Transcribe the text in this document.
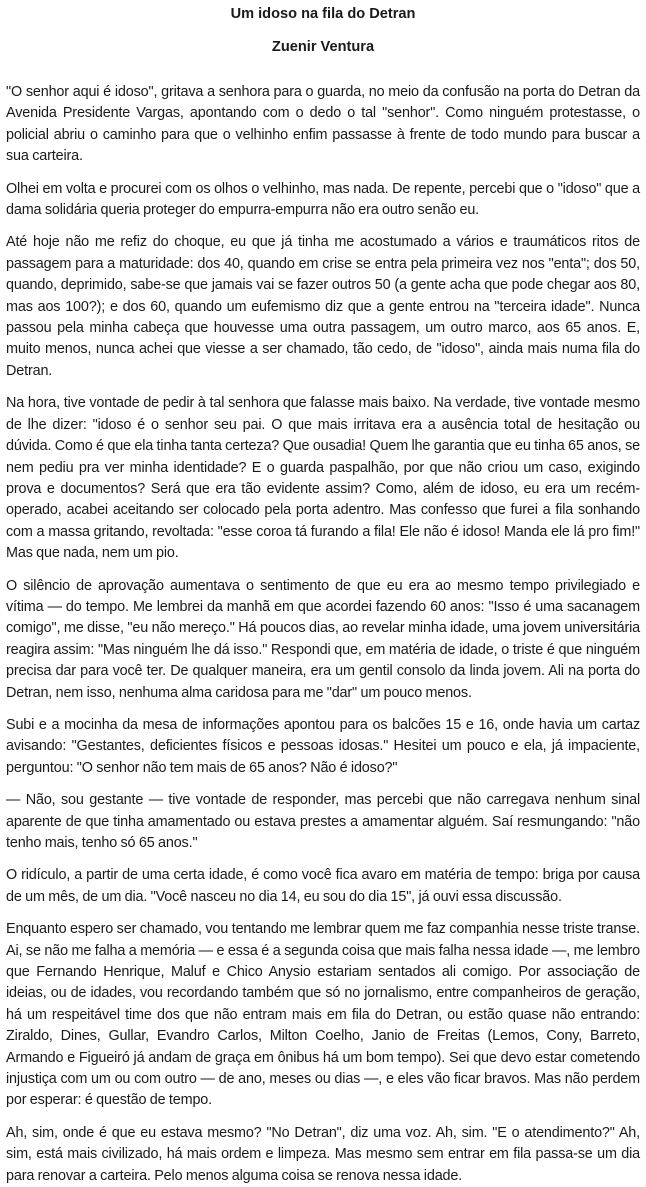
Um idoso na fila do Detran
Zuenir Ventura

"O senhor aqui é idoso", gritava a senhora para o guarda, no meio da confusão na porta do Detran da Avenida Presidente Vargas, apontando com o dedo o tal "senhor". Como ninguém protestasse, o policial abriu o caminho para que o velhinho enfim passasse à frente de todo mundo para buscar a sua carteira.

Olhei em volta e procurei com os olhos o velhinho, mas nada. De repente, percebi que o "idoso" que a dama solidária queria proteger do empurra-empurra não era outro senão eu.

Até hoje não me refiz do choque, eu que já tinha me acostumado a vários e traumáticos ritos de passagem para a maturidade: dos 40, quando em crise se entra pela primeira vez nos "enta"; dos 50, quando, deprimido, sabe-se que jamais vai se fazer outros 50 (a gente acha que pode chegar aos 80, mas aos 100?); e dos 60, quando um eufemismo diz que a gente entrou na "terceira idade". Nunca passou pela minha cabeça que houvesse uma outra passagem, um outro marco, aos 65 anos. E, muito menos, nunca achei que viesse a ser chamado, tão cedo, de "idoso", ainda mais numa fila do Detran.

Na hora, tive vontade de pedir à tal senhora que falasse mais baixo. Na verdade, tive vontade mesmo de lhe dizer: "idoso é o senhor seu pai. O que mais irritava era a ausência total de hesitação ou dúvida. Como é que ela tinha tanta certeza? Que ousadia! Quem lhe garantia que eu tinha 65 anos, se nem pediu pra ver minha identidade? E o guarda paspalhão, por que não criou um caso, exigindo prova e documentos? Será que era tão evidente assim? Como, além de idoso, eu era um recém-operado, acabei aceitando ser colocado pela porta adentro. Mas confesso que furei a fila sonhando com a massa gritando, revoltada: "esse coroa tá furando a fila! Ele não é idoso! Manda ele lá pro fim!" Mas que nada, nem um pio.

O silêncio de aprovação aumentava o sentimento de que eu era ao mesmo tempo privilegiado e vítima — do tempo. Me lembrei da manhã em que acordei fazendo 60 anos: "Isso é uma sacanagem comigo", me disse, "eu não mereço." Há poucos dias, ao revelar minha idade, uma jovem universitária reagira assim: "Mas ninguém lhe dá isso." Respondi que, em matéria de idade, o triste é que ninguém precisa dar para você ter. De qualquer maneira, era um gentil consolo da linda jovem. Ali na porta do Detran, nem isso, nenhuma alma caridosa para me "dar" um pouco menos.

Subi e a mocinha da mesa de informações apontou para os balcões 15 e 16, onde havia um cartaz avisando: "Gestantes, deficientes físicos e pessoas idosas." Hesitei um pouco e ela, já impaciente, perguntou: "O senhor não tem mais de 65 anos? Não é idoso?"

— Não, sou gestante — tive vontade de responder, mas percebi que não carregava nenhum sinal aparente de que tinha amamentado ou estava prestes a amamentar alguém. Saí resmungando: "não tenho mais, tenho só 65 anos."

O ridículo, a partir de uma certa idade, é como você fica avaro em matéria de tempo: briga por causa de um mês, de um dia. "Você nasceu no dia 14, eu sou do dia 15", já ouvi essa discussão.

Enquanto espero ser chamado, vou tentando me lembrar quem me faz companhia nesse triste transe. Ai, se não me falha a memória — e essa é a segunda coisa que mais falha nessa idade —, me lembro que Fernando Henrique, Maluf e Chico Anysio estariam sentados ali comigo. Por associação de ideias, ou de idades, vou recordando também que só no jornalismo, entre companheiros de geração, há um respeitável time dos que não entram mais em fila do Detran, ou estão quase não entrando: Ziraldo, Dines, Gullar, Evandro Carlos, Milton Coelho, Janio de Freitas (Lemos, Cony, Barreto, Armando e Figueiró já andam de graça em ônibus há um bom tempo). Sei que devo estar cometendo injustiça com um ou com outro — de ano, meses ou dias —, e eles vão ficar bravos. Mas não perdem por esperar: é questão de tempo.

Ah, sim, onde é que eu estava mesmo? "No Detran", diz uma voz. Ah, sim. "E o atendimento?" Ah, sim, está mais civilizado, há mais ordem e limpeza. Mas mesmo sem entrar em fila passa-se um dia para renovar a carteira. Pelo menos alguma coisa se renova nessa idade.
